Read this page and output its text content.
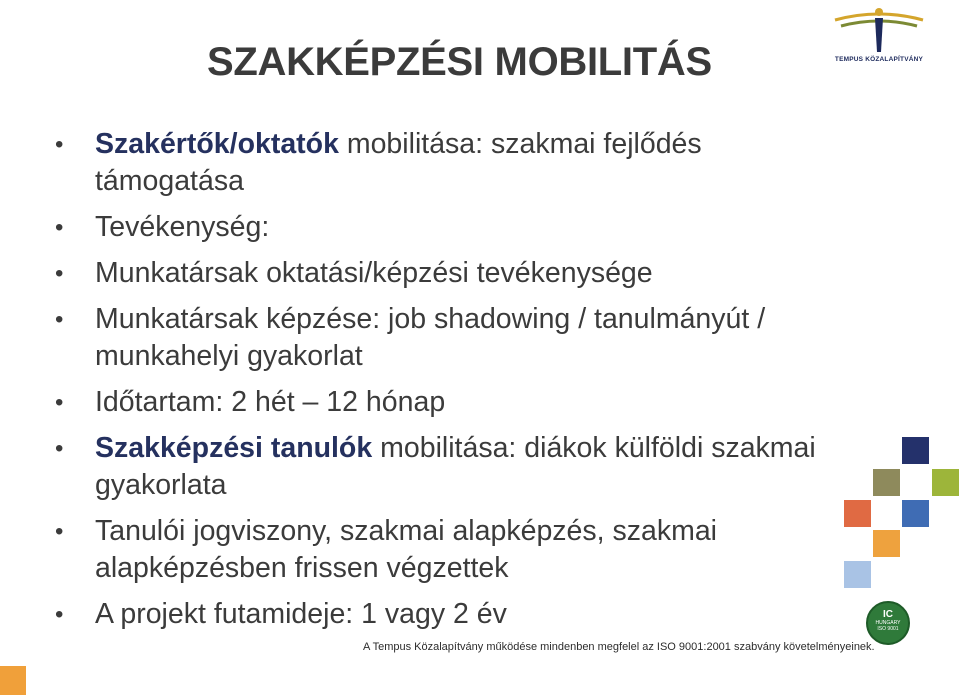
SZAKKÉPZÉSI MOBILITÁS
• Szakértők/oktatók mobilitása: szakmai fejlődés támogatása
• Tevékenység:
• Munkatársak oktatási/képzési tevékenysége
• Munkatársak képzése: job shadowing / tanulmányút / munkahelyi gyakorlat
• Időtartam: 2 hét – 12 hónap
• Szakképzési tanulók mobilitása: diákok külföldi szakmai gyakorlata
• Tanulói jogviszony, szakmai alapképzés, szakmai alapképzésben frissen végzettek
• A projekt futamideje: 1 vagy 2 év
TEMPUS KÖZALAPÍTVÁNY
IC
HUNGARY
ISO 9001
A Tempus Közalapítvány működése mindenben megfelel az ISO 9001:2001 szabvány követelményeinek.
